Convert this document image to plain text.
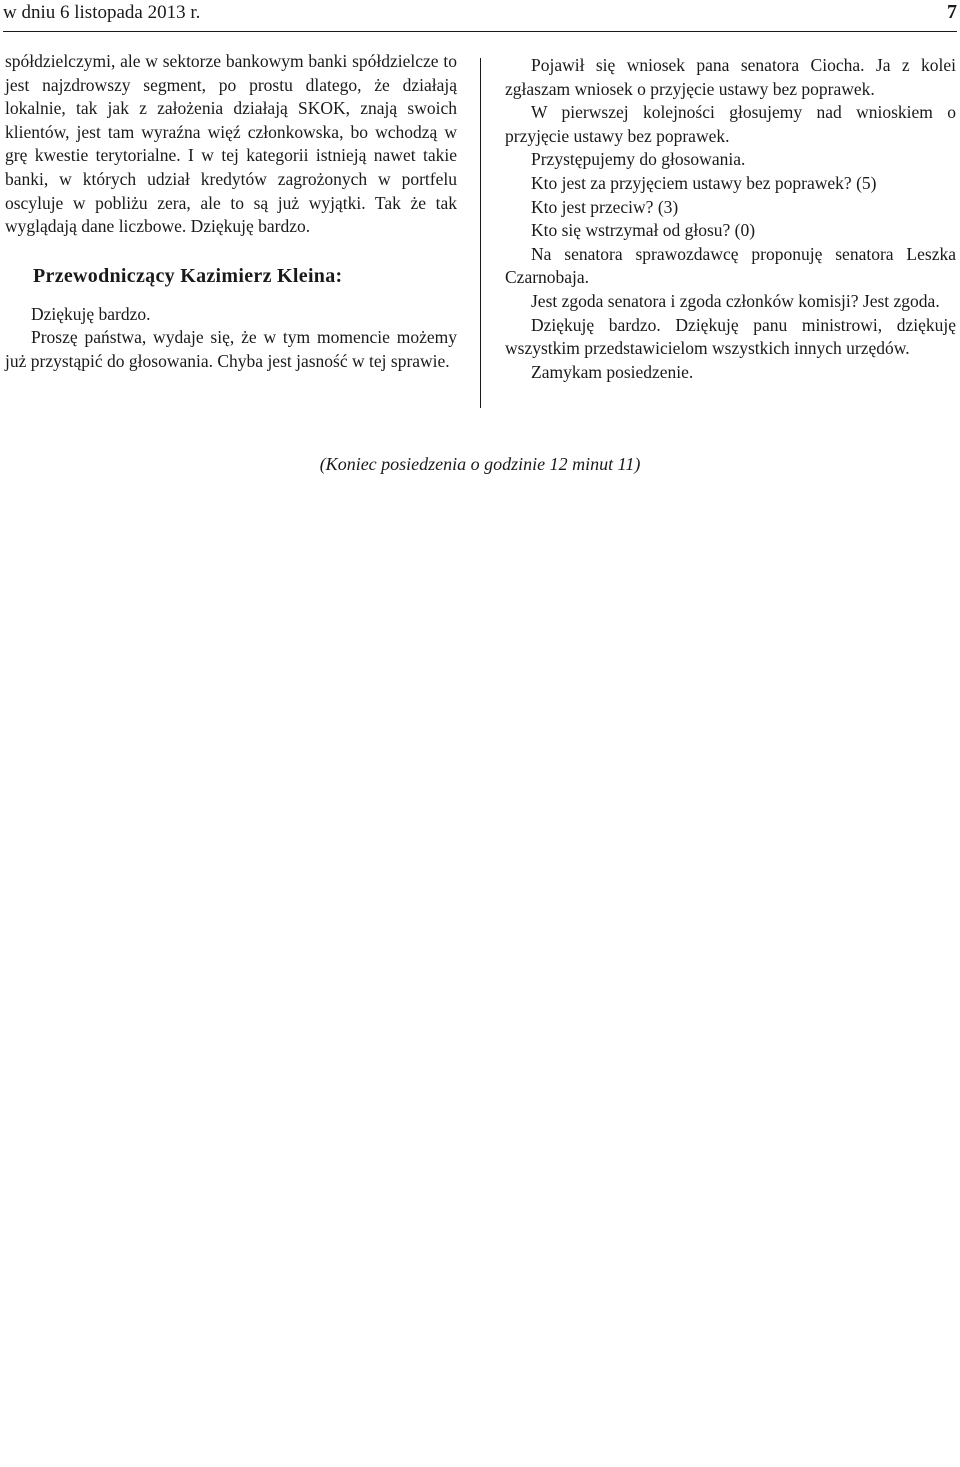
w dniu 6 listopada 2013 r.	7

spółdzielczymi, ale w sektorze bankowym banki spółdzielcze to jest najzdrowszy segment, po prostu dlatego, że działają lokalnie, tak jak z założenia działają SKOK, znają swoich klientów, jest tam wyraźna więź członkowska, bo wchodzą w grę kwestie terytorialne. I w tej kategorii istnieją nawet takie banki, w których udział kredytów zagrożonych w portfelu oscyluje w pobliżu zera, ale to są już wyjątki. Tak że tak wyglądają dane liczbowe. Dziękuję bardzo.

Przewodniczący Kazimierz Kleina:

Dziękuję bardzo.

Proszę państwa, wydaje się, że w tym momencie możemy już przystąpić do głosowania. Chyba jest jasność w tej sprawie.

Pojawił się wniosek pana senatora Ciocha. Ja z kolei zgłaszam wniosek o przyjęcie ustawy bez poprawek.

W pierwszej kolejności głosujemy nad wnioskiem o przyjęcie ustawy bez poprawek.

Przystępujemy do głosowania.

Kto jest za przyjęciem ustawy bez poprawek? (5)

Kto jest przeciw? (3)

Kto się wstrzymał od głosu? (0)

Na senatora sprawozdawcę proponuję senatora Leszka Czarnobaja.

Jest zgoda senatora i zgoda członków komisji? Jest zgoda.

Dziękuję bardzo. Dziękuję panu ministrowi, dziękuję wszystkim przedstawicielom wszystkich innych urzędów.

Zamykam posiedzenie.

(Koniec posiedzenia o godzinie 12 minut 11)
